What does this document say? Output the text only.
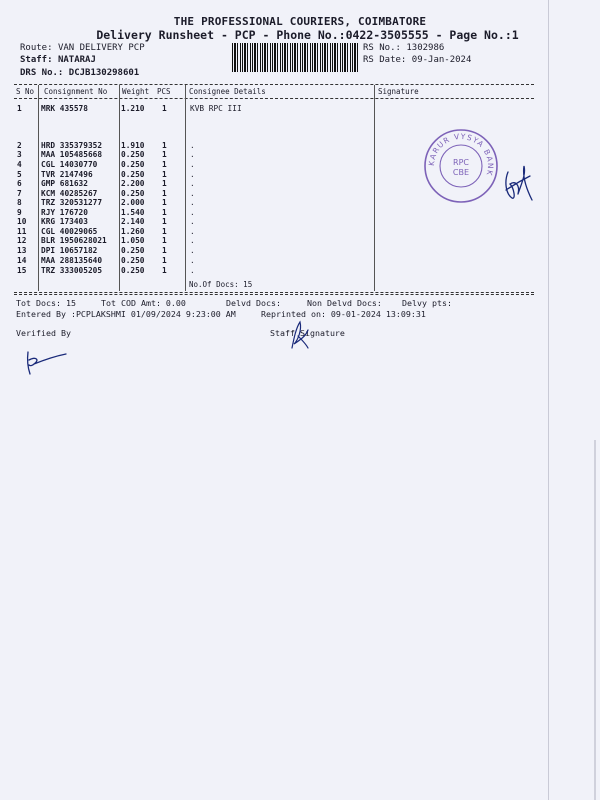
THE PROFESSIONAL COURIERS, COIMBATORE
Delivery Runsheet - PCP - Phone No.:0422-3505555 - Page No.:1
Route: VAN DELIVERY PCP
Staff: NATARAJ
DRS No.: DCJB130298601
RS No.: 1302986
RS Date: 09-Jan-2024
S No Consignment No Weight PCS Consignee Details	Signature
1 MRK 435578	1.210 1	KVB RPC III
2 HRD 335379352 1.910 1	.
3 MAA 105485668 0.250 1	.
4 CGL 14030770	0.250 1	.
5 TVR 2147496	0.250 1	.
6 GMP 681632	2.200 1	.
7 KCM 40285267	0.250 1	.
8 TRZ 320531277 2.000 1	.
9 RJY 176720	1.540 1	.
10 KRG 173403	2.140 1	.
11 CGL 40029065	1.260 1	.
12 BLR 1950628021 1.050 1	.
13 DPI 10657182	0.250 1	.
14 MAA 288135640 0.250 1	.
15 TRZ 333005205 0.250 1	.
No.Of Docs: 15
KARUR VYSYA BANK
RPC
CBE
Tot Docs: 15	Tot COD Amt: 0.00	Delvd Docs:	Non Delvd Docs: Delvy pts:
Entered By :PCPLAKSHMI 01/09/2024 9:23:00 AM	Reprinted on: 09-01-2024 13:09:31
Verified By	Staff Signature
